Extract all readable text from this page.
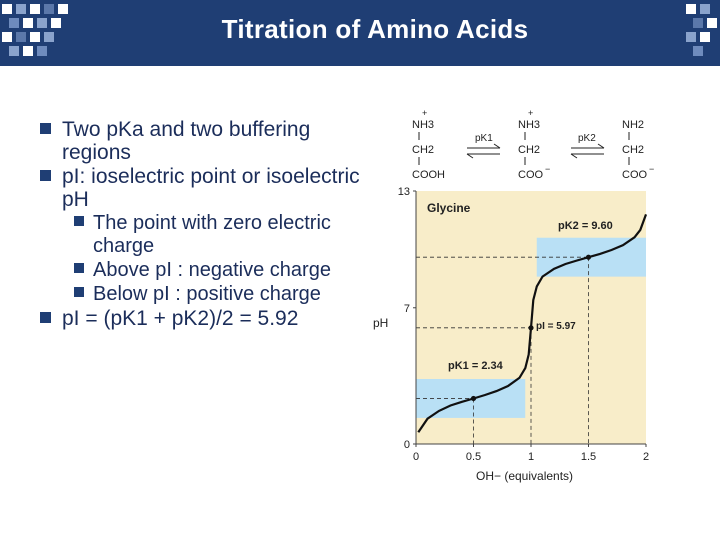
Titration of Amino Acids
Two pKa and two buffering regions
pI: ioselectric point or isoelectric pH
The point with zero electric charge
Above pI : negative charge
Below pI : positive charge
pI = (pK1 + pK2)/2 = 5.92
+
NH3
CH2
COOH
pK1
+
NH3
CH2
COO −
pK2
NH2
CH2
COO −
0
7
13
0	0.5	1	1.5	2
Glycine
pK2 = 9.60
pI = 5.97
pK1 = 2.34
pH
OH− (equivalents)
